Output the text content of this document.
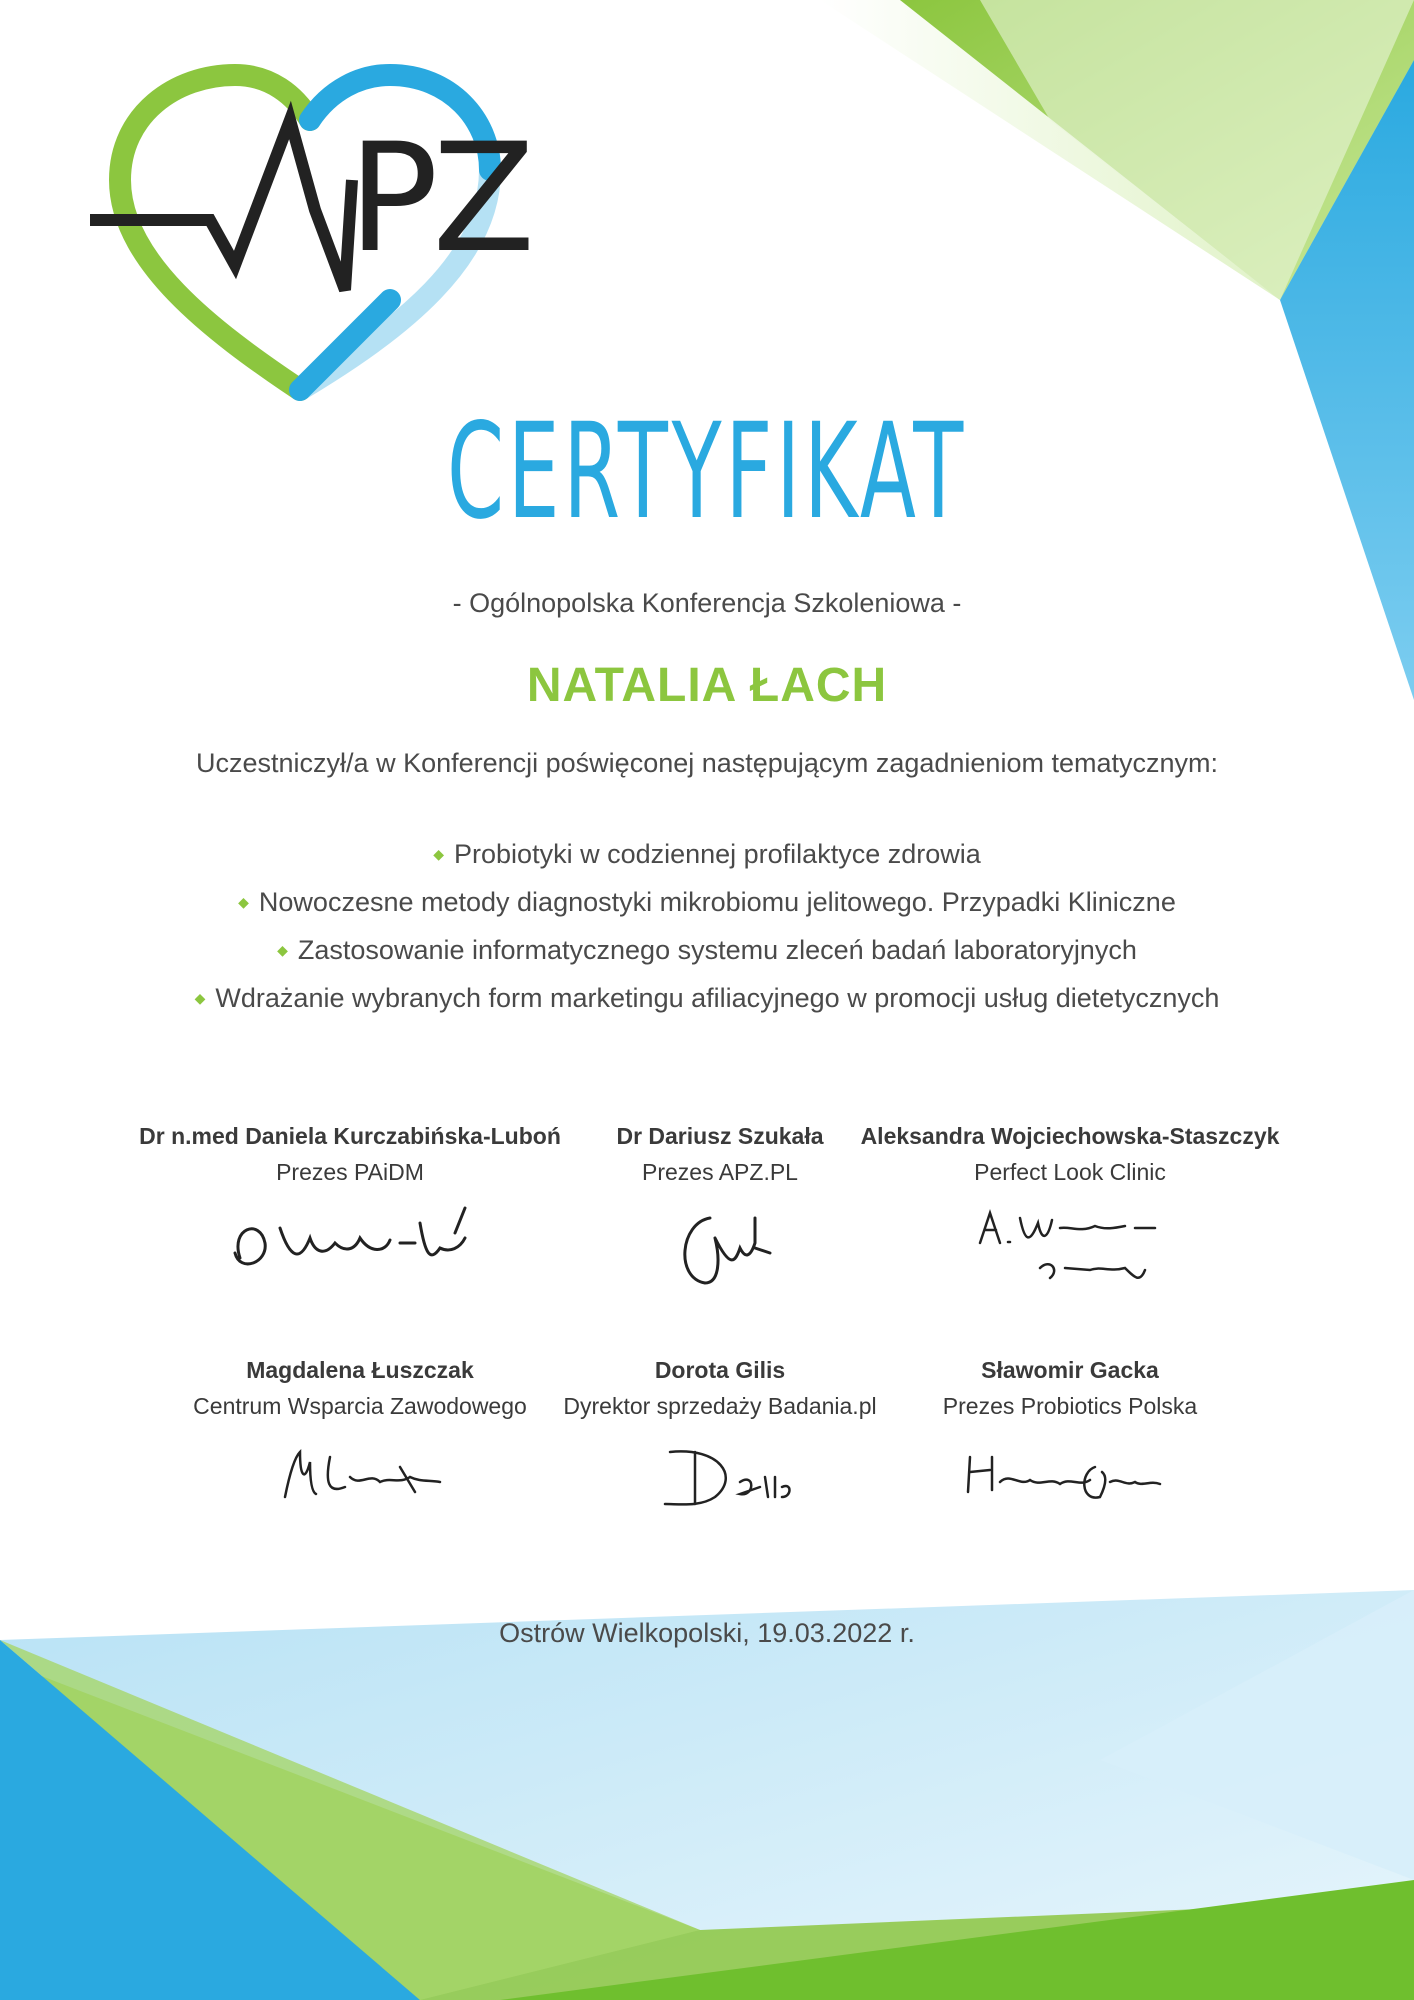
PZ
CERTYFIKAT
- Ogólnopolska Konferencja Szkoleniowa -
NATALIA ŁACH
Uczestniczył/a w Konferencji poświęconej następującym zagadnieniom tematycznym:
◆ Probiotyki w codziennej profilaktyce zdrowia
◆ Nowoczesne metody diagnostyki mikrobiomu jelitowego. Przypadki Kliniczne
◆ Zastosowanie informatycznego systemu zleceń badań laboratoryjnych
◆ Wdrażanie wybranych form marketingu afiliacyjnego w promocji usług dietetycznych
Dr n.med Daniela Kurczabińska-Luboń
Prezes PAiDM
Dr Dariusz Szukała
Prezes APZ.PL
Aleksandra Wojciechowska-Staszczyk
Perfect Look Clinic
Magdalena Łuszczak
Centrum Wsparcia Zawodowego
Dorota Gilis
Dyrektor sprzedaży Badania.pl
Sławomir Gacka
Prezes Probiotics Polska
Ostrów Wielkopolski, 19.03.2022 r.
